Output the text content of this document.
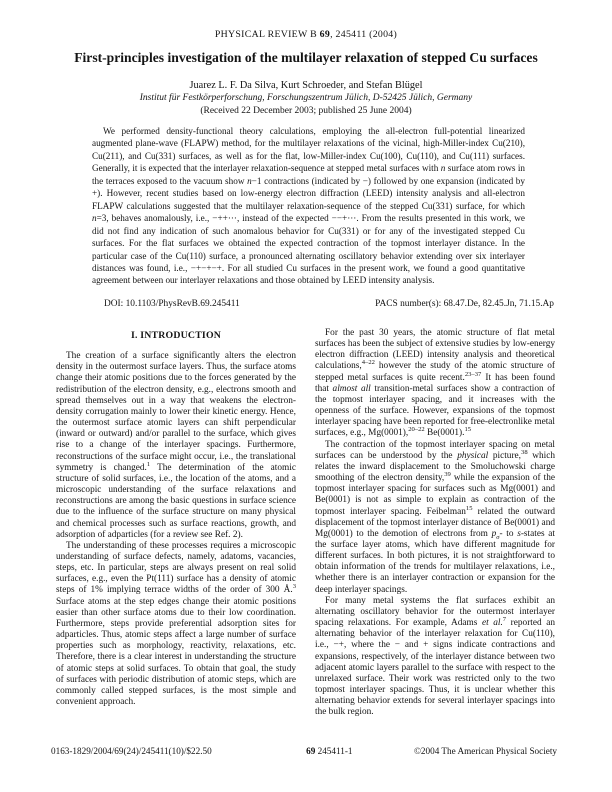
PHYSICAL REVIEW B 69, 245411 (2004)
First-principles investigation of the multilayer relaxation of stepped Cu surfaces
Juarez L. F. Da Silva, Kurt Schroeder, and Stefan Blügel
Institut für Festkörperforschung, Forschungszentrum Jülich, D-52425 Jülich, Germany
(Received 22 December 2003; published 25 June 2004)
We performed density-functional theory calculations, employing the all-electron full-potential linearized augmented plane-wave (FLAPW) method, for the multilayer relaxations of the vicinal, high-Miller-index Cu(210), Cu(211), and Cu(331) surfaces, as well as for the flat, low-Miller-index Cu(100), Cu(110), and Cu(111) surfaces. Generally, it is expected that the interlayer relaxation-sequence at stepped metal surfaces with n surface atom rows in the terraces exposed to the vacuum show n−1 contractions (indicated by −) followed by one expansion (indicated by +). However, recent studies based on low-energy electron diffraction (LEED) intensity analysis and all-electron FLAPW calculations suggested that the multilayer relaxation-sequence of the stepped Cu(331) surface, for which n=3, behaves anomalously, i.e., −++···, instead of the expected −−+···. From the results presented in this work, we did not find any indication of such anomalous behavior for Cu(331) or for any of the investigated stepped Cu surfaces. For the flat surfaces we obtained the expected contraction of the topmost interlayer distance. In the particular case of the Cu(110) surface, a pronounced alternating oscillatory behavior extending over six interlayer distances was found, i.e., −+−+−+. For all studied Cu surfaces in the present work, we found a good quantitative agreement between our interlayer relaxations and those obtained by LEED intensity analysis.
DOI: 10.1103/PhysRevB.69.245411	PACS number(s): 68.47.De, 82.45.Jn, 71.15.Ap
I. INTRODUCTION

The creation of a surface significantly alters the electron density in the outermost surface layers. Thus, the surface atoms change their atomic positions due to the forces generated by the redistribution of the electron density, e.g., electrons smooth and spread themselves out in a way that weakens the electron-density corrugation mainly to lower their kinetic energy. Hence, the outermost surface atomic layers can shift perpendicular (inward or outward) and/or parallel to the surface, which gives rise to a change of the interlayer spacings. Furthermore, reconstructions of the surface might occur, i.e., the translational symmetry is changed.$^1$ The determination of the atomic structure of solid surfaces, i.e., the location of the atoms, and a microscopic understanding of the surface relaxations and reconstructions are among the basic questions in surface science due to the influence of the surface structure on many physical and chemical processes such as surface reactions, growth, and adsorption of adparticles (for a review see Ref. 2).

The understanding of these processes requires a microscopic understanding of surface defects, namely, adatoms, vacancies, steps, etc. In particular, steps are always present on real solid surfaces, e.g., even the Pt(111) surface has a density of atomic steps of 1% implying terrace widths of the order of 300 Å.$^3$ Surface atoms at the step edges change their atomic positions easier than other surface atoms due to their low coordination. Furthermore, steps provide preferential adsorption sites for adparticles. Thus, atomic steps affect a large number of surface properties such as morphology, reactivity, relaxations, etc. Therefore, there is a clear interest in understanding the structure of atomic steps at solid surfaces. To obtain that goal, the study of surfaces with periodic distribution of atomic steps, which are commonly called stepped surfaces, is the most simple and convenient approach.

For the past 30 years, the atomic structure of flat metal surfaces has been the subject of extensive studies by low-energy electron diffraction (LEED) intensity analysis and theoretical calculations,$^{4-22}$ however the study of the atomic structure of stepped metal surfaces is quite recent.$^{23-37}$ It has been found that almost all transition-metal surfaces show a contraction of the topmost interlayer spacing, and it increases with the openness of the surface. However, expansions of the topmost interlayer spacing have been reported for free-electronlike metal surfaces, e.g., Mg(0001),$^{20-22}$ Be(0001).$^{15}$

The contraction of the topmost interlayer spacing on metal surfaces can be understood by the physical picture,$^{38}$ which relates the inward displacement to the Smoluchowski charge smoothing of the electron density,$^{39}$ while the expansion of the topmost interlayer spacing for surfaces such as Mg(0001) and Be(0001) is not as simple to explain as contraction of the topmost interlayer spacing. Feibelman$^{15}$ related the outward displacement of the topmost interlayer distance of Be(0001) and Mg(0001) to the demotion of electrons from $p_\sigma-$ to s-states at the surface layer atoms, which have different magnitude for different surfaces. In both pictures, it is not straightforward to obtain information of the trends for multilayer relaxations, i.e., whether there is an interlayer contraction or expansion for the deep interlayer spacings.

For many metal systems the flat surfaces exhibit an alternating oscillatory behavior for the outermost interlayer spacing relaxations. For example, Adams et al.$^7$ reported an alternating behavior of the interlayer relaxation for Cu(110), i.e., −+, where the − and + signs indicate contractions and expansions, respectively, of the interlayer distance between two adjacent atomic layers parallel to the surface with respect to the unrelaxed surface. Their work was restricted only to the two topmost interlayer spacings. Thus, it is unclear whether this alternating behavior extends for several interlayer spacings into the bulk region.

0163-1829/2004/69(24)/245411(10)/$22.50	69 245411-1	©2004 The American Physical Society
